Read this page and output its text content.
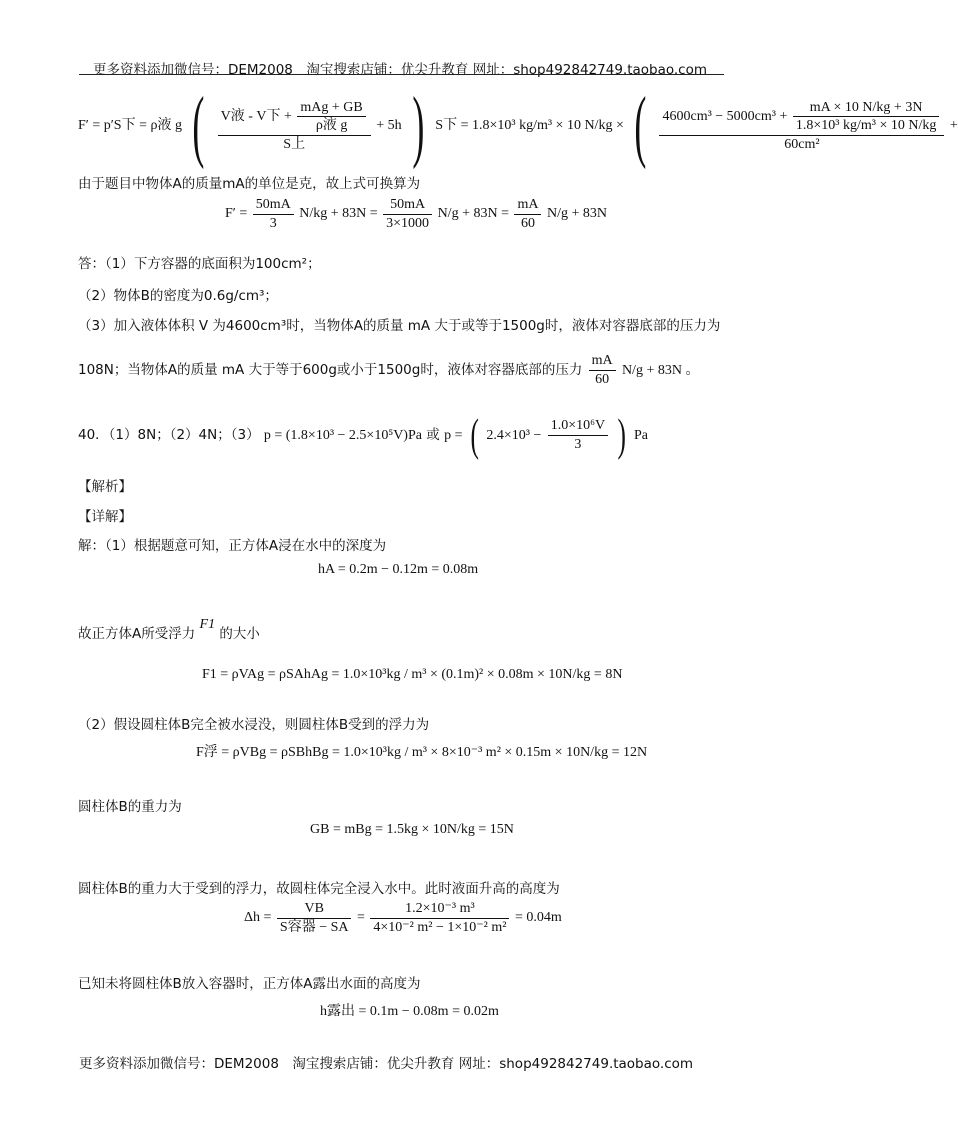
更多资料添加微信号：DEM2008　淘宝搜索店铺：优尖升教育 网址：shop492842749.taobao.com
F′ = p′S下 = ρ液 g ( $\frac{V液 - V下 + \frac{\text{mAg + GB}}{\text{ρ液 g}}}{\text{S上}} + 5h$ ) S下 = 1.8×10³ kg/m³ × 10 N/kg × ( $4600cm^3 - 5000cm^3 + \frac{mA \times 10 N/kg + 3N}{\text{1.8×10³ kg/m³ × 10 N/kg}}$
60cm²
+
由于题目中物体A的质量mA的单位是克，故上式可换算为
$F' = \frac{50mA}{3} N/kg + 83N = \frac{50mA}{3\times 1000} N/g + 83N = \frac{mA}{60} N/g + 83N$
答：（1）下方容器的底面积为100cm²；
（2）物体B的密度为0.6g/cm³；
（3）加入液体体积 V 为4600cm³时，当物体A的质量 mA 大于或等于1500g时，液体对容器底部的压力为
108N；当物体A的质量 mA 大于等于600g或小于1500g时，液体对容器底部的压力 $\frac{mA}{60} N/g + 83N$ 。
40．（1）8N；（2）4N；（3） p = (1.8×10³ − 2.5×10⁵V)Pa 或 p = ( $2.4\times 10^3 - \frac{\text{1.0×10⁶V}}{3}$ ) Pa
【解析】
【详解】
解：（1）根据题意可知，正方体A浸在水中的深度为
hA = 0.2m − 0.12m = 0.08m
故正方体A所受浮力 F1 的大小
F1 = ρVAg = ρSAhAg = 1.0×10³kg / m³ × (0.1m)² × 0.08m × 10N/kg = 8N
（2）假设圆柱体B完全被水浸没，则圆柱体B受到的浮力为
F浮 = ρVBg = ρSBhBg = 1.0×10³kg / m³ × 8×10⁻³ m² × 0.15m × 10N/kg = 12N
圆柱体B的重力为
GB = mBg = 1.5kg × 10N/kg = 15N
圆柱体B的重力大于受到的浮力，故圆柱体完全浸入水中。此时液面升高的高度为
$\Delta h = \frac{VB}{\text{S容器 − SA}} = \frac{\text{1.2×10⁻³ m³}}{\text{4×10⁻² m² − 1×10⁻² m²}} = 0.04m$
已知未将圆柱体B放入容器时，正方体A露出水面的高度为
h露出 = 0.1m − 0.08m = 0.02m
更多资料添加微信号：DEM2008　淘宝搜索店铺：优尖升教育 网址：shop492842749.taobao.com
